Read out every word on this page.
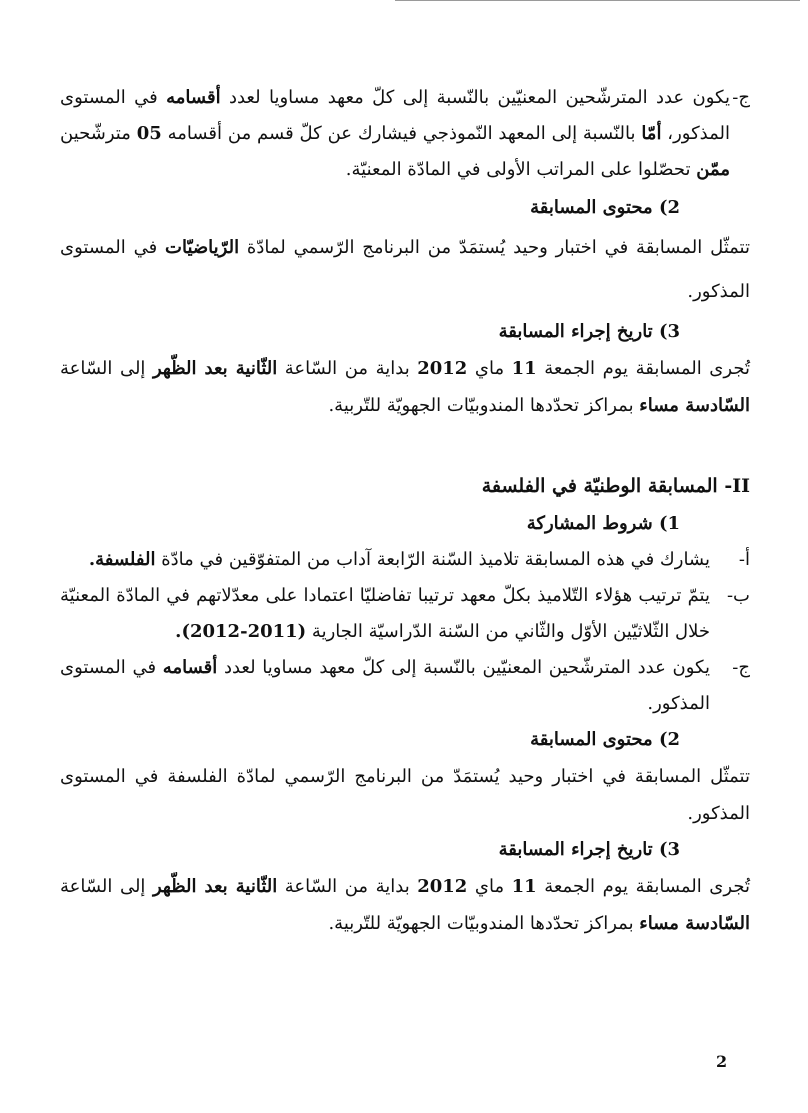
ج-
يكون عدد المترشّحين المعنيّين بالنّسبة إلى كلّ معهد مساويا لعدد أقسامه في المستوى المذكور، أمّا بالنّسبة إلى المعهد النّموذجي فيشارك عن كلّ قسم من أقسامه 05 مترشّحين ممّن تحصّلوا على المراتب الأولى في المادّة المعنيّة.
2) محتوى المسابقة

تتمثّل المسابقة في اختبار وحيد يُستمَدّ من البرنامج الرّسمي لمادّة الرّياضيّات في المستوى المذكور.

3) تاريخ إجراء المسابقة

تُجرى المسابقة يوم الجمعة 11 ماي 2012 بداية من السّاعة الثّانية بعد الظّهر إلى السّاعة السّادسة مساء بمراكز تحدّدها المندوبيّات الجهويّة للتّربية.

II- المسابقة الوطنيّة في الفلسفة
1) شروط المشاركة
أ-
يشارك في هذه المسابقة تلاميذ السّنة الرّابعة آداب من المتفوّقين في مادّة الفلسفة.
ب-
يتمّ ترتيب هؤلاء التّلاميذ بكلّ معهد ترتيبا تفاضليّا اعتمادا على معدّلاتهم في المادّة المعنيّة خلال الثّلاثيّين الأوّل والثّاني من السّنة الدّراسيّة الجارية (2011-2012).
ج-
يكون عدد المترشّحين المعنيّين بالنّسبة إلى كلّ معهد مساويا لعدد أقسامه في المستوى المذكور.
2) محتوى المسابقة

تتمثّل المسابقة في اختبار وحيد يُستمَدّ من البرنامج الرّسمي لمادّة الفلسفة في المستوى المذكور.

3) تاريخ إجراء المسابقة

تُجرى المسابقة يوم الجمعة 11 ماي 2012 بداية من السّاعة الثّانية بعد الظّهر إلى السّاعة السّادسة مساء بمراكز تحدّدها المندوبيّات الجهويّة للتّربية.

2
